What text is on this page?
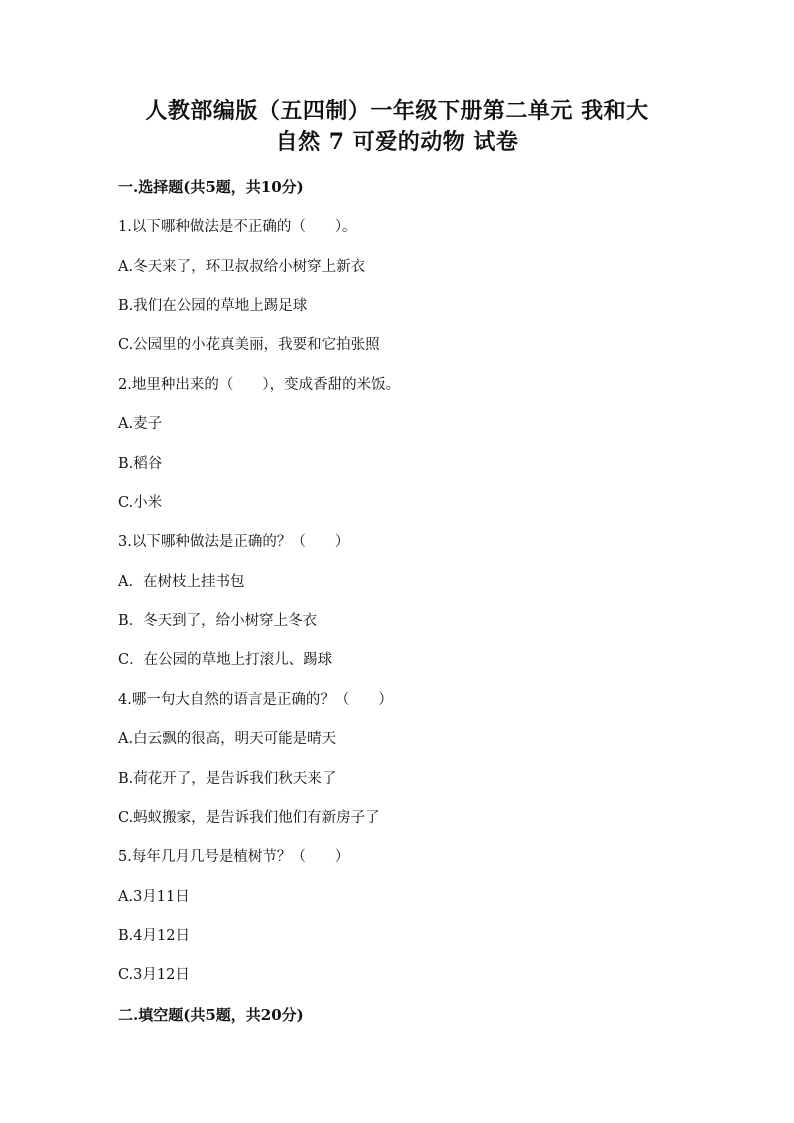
人教部编版（五四制）一年级下册第二单元 我和大
自然 7 可爱的动物 试卷
一.选择题(共5题，共10分)
1.以下哪种做法是不正确的（　　）。
A.冬天来了，环卫叔叔给小树穿上新衣
B.我们在公园的草地上踢足球
C.公园里的小花真美丽，我要和它拍张照
2.地里种出来的（　　），变成香甜的米饭。
A.麦子
B.稻谷
C.小米
3.以下哪种做法是正确的？（　　）
A．在树枝上挂书包
B．冬天到了，给小树穿上冬衣
C．在公园的草地上打滚儿、踢球
4.哪一句大自然的语言是正确的？（　　）
A.白云飘的很高，明天可能是晴天
B.荷花开了，是告诉我们秋天来了
C.蚂蚁搬家，是告诉我们他们有新房子了
5.每年几月几号是植树节？（　　）
A.3月11日
B.4月12日
C.3月12日
二.填空题(共5题，共20分)
